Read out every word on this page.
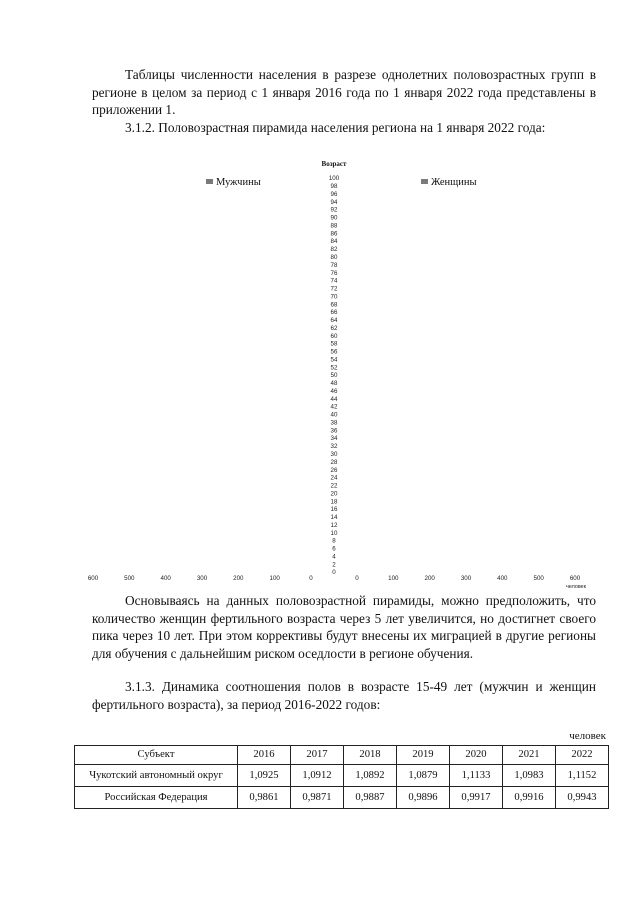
Таблицы численности населения в разрезе однолетних половозрастных групп в регионе в целом за период с 1 января 2016 года по 1 января 2022 года представлены в приложении 1.

3.1.2. Половозрастная пирамида населения региона на 1 января 2022 года:

Возраст
Мужчины	Женщины
0
2
4
6
8
10
12
14
16
18
20
22
24
26
28
30
32
34
36
38
40
42
44
46
48
50
52
54
56
58
60
62
64
66
68
70
72
74
76
78
80
82
84
86
88
90
92
94
96
98
100
600	500	400	300	200	100	0	0	100	200	300	400	500	600
человек

Основываясь на данных половозрастной пирамиды, можно предположить, что количество женщин фертильного возраста через 5 лет увеличится, но достигнет своего пика через 10 лет. При этом коррективы будут внесены их миграцией в другие регионы для обучения с дальнейшим риском оседлости в регионе обучения.

3.1.3. Динамика соотношения полов в возрасте 15-49 лет (мужчин и женщин фертильного возраста), за период 2016-2022 годов:

человек

Субъект	2016	2017	2018	2019	2020	2021	2022
Чукотский автономный округ	1,0925	1,0912	1,0892	1,0879	1,1133	1,0983	1,1152
Российская Федерация	0,9861	0,9871	0,9887	0,9896	0,9917	0,9916	0,9943
